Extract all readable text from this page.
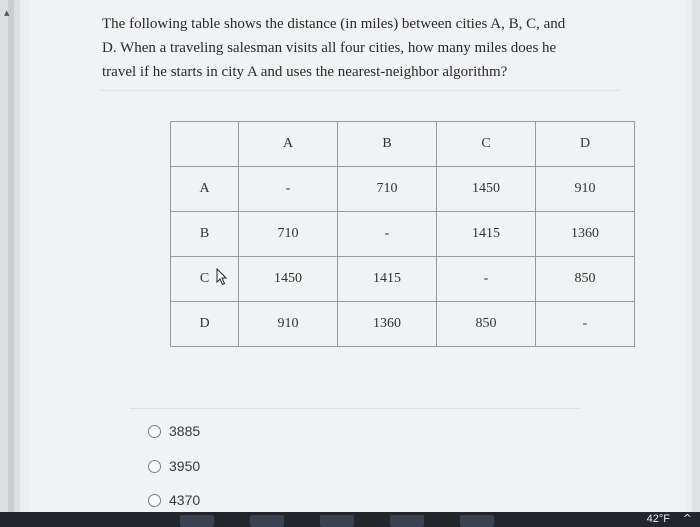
▴
The following table shows the distance (in miles) between cities A, B, C, and D. When a traveling salesman visits all four cities, how many miles does he travel if he starts in city A and uses the nearest-neighbor algorithm?
	A	B	C	D
A	-	710	1450	910
B	710	-	1415	1360
C	1450	1415	-	850
D	910	1360	850	-
3885
3950
4370
42°F ^
